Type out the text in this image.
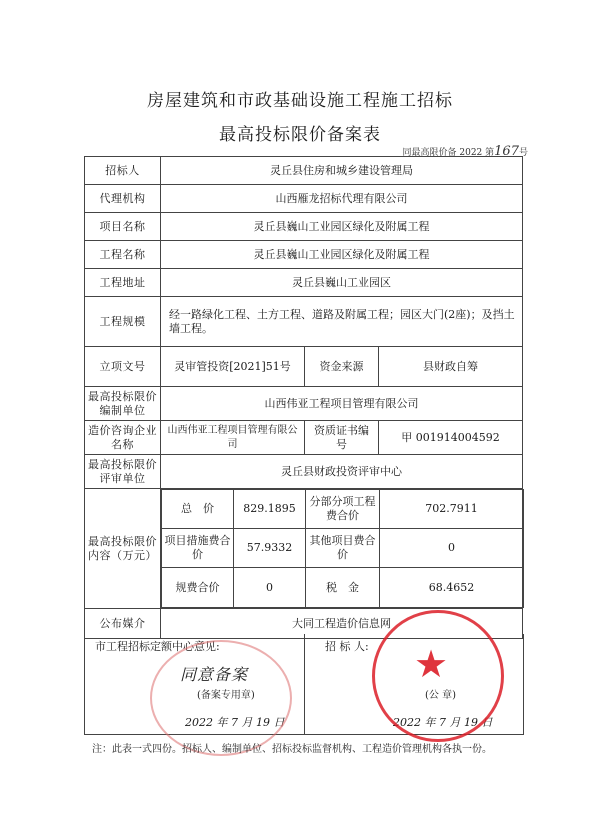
房屋建筑和市政基础设施工程施工招标
最高投标限价备案表
同最高限价备 2022 第167号
招标人	灵丘县住房和城乡建设管理局
代理机构	山西雁龙招标代理有限公司
项目名称	灵丘县巍山工业园区绿化及附属工程
工程名称	灵丘县巍山工业园区绿化及附属工程
工程地址	灵丘县巍山工业园区
工程规模	经一路绿化工程、土方工程、道路及附属工程；园区大门(2座)；及挡土墙工程。
立项文号	灵审管投资[2021]51号	资金来源	县财政自筹
最高投标限价编制单位	山西伟亚工程项目管理有限公司
造价咨询企业名称	山西伟亚工程项目管理有限公司	资质证书编　　号	甲 001914004592
最高投标限价评审单位	灵丘县财政投资评审中心
最高投标限价内容（万元）	
总　价	829.1895	分部分项工程费合价	702.7911
项目措施费合　价	57.9332	其他项目费合价	0
规费合价	0	税　金	68.4652

公布媒介	大同工程造价信息网
市工程招标定额中心意见:
同意备案
(备案专用章)
2022 年 7 月 19 日
招 标 人:
(公 章)
2022 年 7 月 19 日
★
注：此表一式四份。招标人、编制单位、招标投标监督机构、工程造价管理机构各执一份。
